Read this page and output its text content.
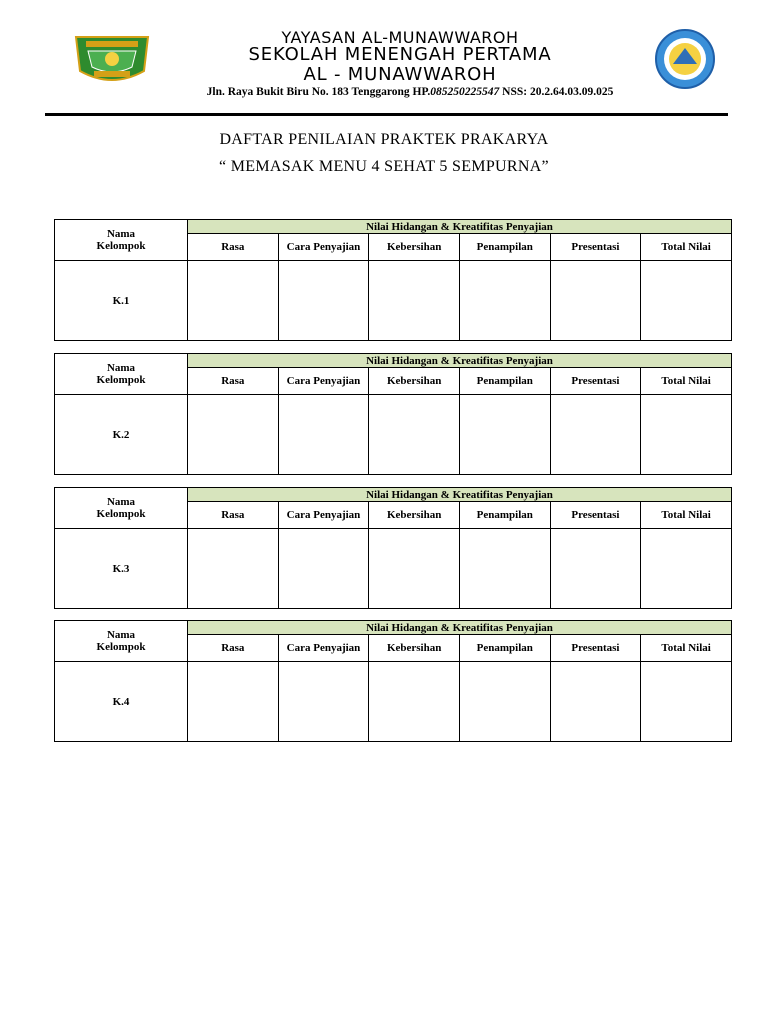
YAYASAN AL-MUNAWWAROH
SEKOLAH MENENGAH PERTAMA
AL - MUNAWWAROH
Jln. Raya Bukit Biru No. 183 Tenggarong HP.085250225547 NSS: 20.2.64.03.09.025
DAFTAR PENILAIAN PRAKTEK PRAKARYA
“ MEMASAK MENU 4 SEHAT 5 SEMPURNA”
Nama
Kelompok	Nilai Hidangan & Kreatifitas Penyajian					
	Rasa	Cara Penyajian	Kebersihan	Penampilan	Presentasi	Total Nilai
K.1						
Nama
Kelompok	Nilai Hidangan & Kreatifitas Penyajian					
	Rasa	Cara Penyajian	Kebersihan	Penampilan	Presentasi	Total Nilai
K.2						
Nama
Kelompok	Nilai Hidangan & Kreatifitas Penyajian					
	Rasa	Cara Penyajian	Kebersihan	Penampilan	Presentasi	Total Nilai
K.3						
Nama
Kelompok	Nilai Hidangan & Kreatifitas Penyajian					
	Rasa	Cara Penyajian	Kebersihan	Penampilan	Presentasi	Total Nilai
K.4						
